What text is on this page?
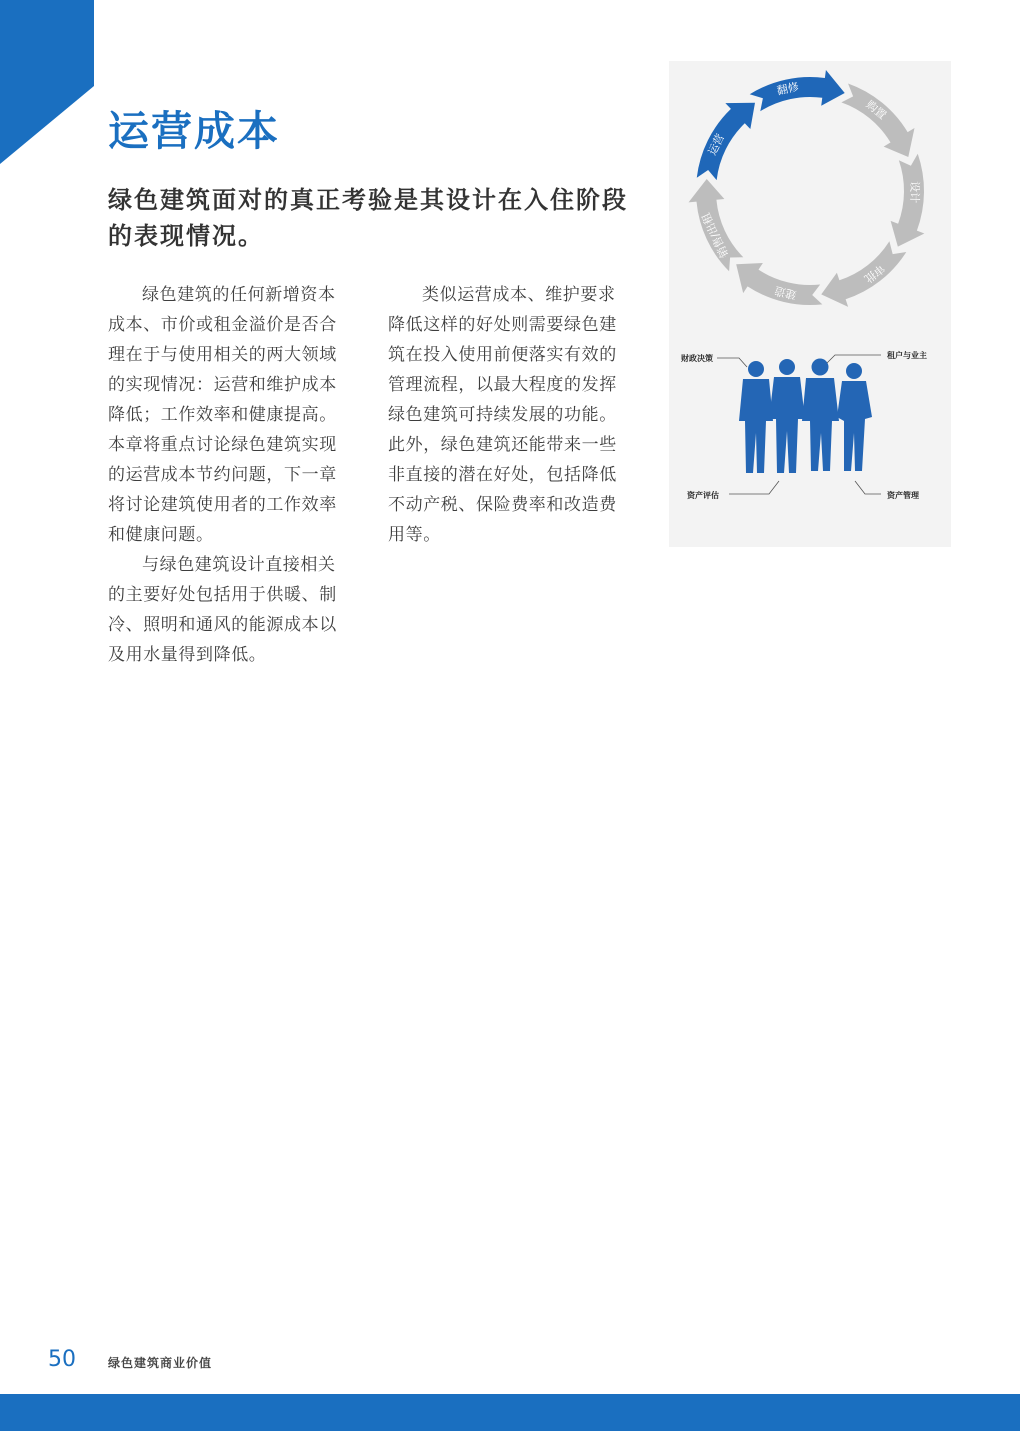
运营成本
绿色建筑面对的真正考验是其设计在入住阶段的表现情况。

绿色建筑的任何新增资本成本、市价或租金溢价是否合理在于与使用相关的两大领域的实现情况：运营和维护成本降低；工作效率和健康提高。本章将重点讨论绿色建筑实现的运营成本节约问题，下一章将讨论建筑使用者的工作效率和健康问题。

与绿色建筑设计直接相关的主要好处包括用于供暖、制冷、照明和通风的能源成本以及用水量得到降低。

类似运营成本、维护要求降低这样的好处则需要绿色建筑在投入使用前便落实有效的管理流程，以最大程度的发挥绿色建筑可持续发展的功能。此外，绿色建筑还能带来一些非直接的潜在好处，包括降低不动产税、保险费率和改造费用等。

购置
设计
审批
建造
销售/出租
运营
翻修
财政决策	租户与业主
资产评估	资产管理
50	绿色建筑商业价值
